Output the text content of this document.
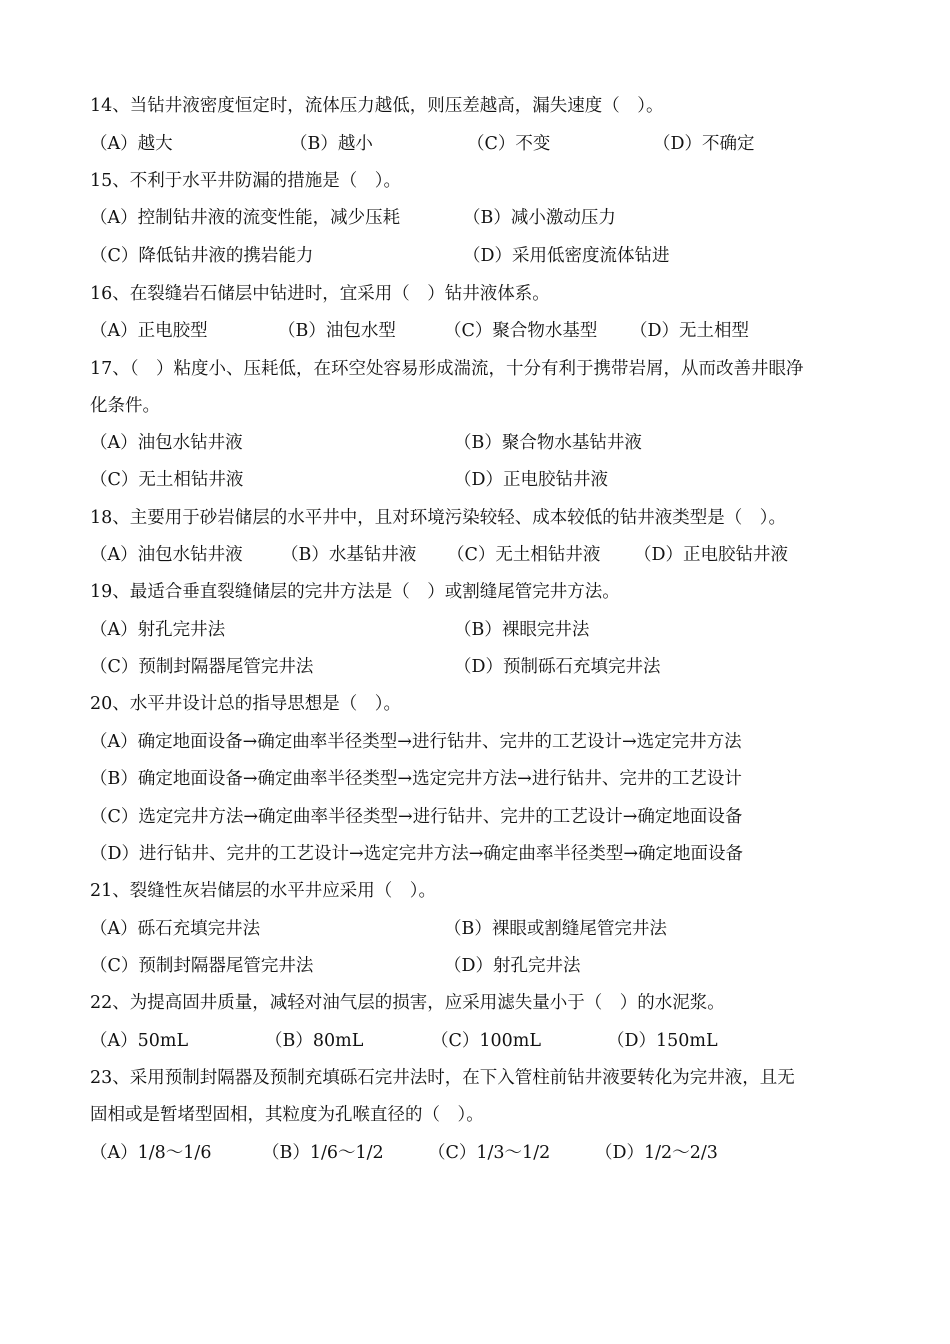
14、当钻井液密度恒定时，流体压力越低，则压差越高，漏失速度（　）。
（A）越大	（B）越小	（C）不变	（D）不确定
15、不利于水平井防漏的措施是（　）。
（A）控制钻井液的流变性能，减少压耗	（B）减小激动压力
（C）降低钻井液的携岩能力	（D）采用低密度流体钻进
16、在裂缝岩石储层中钻进时，宜采用（　）钻井液体系。
（A）正电胶型	（B）油包水型	（C）聚合物水基型 （D）无土相型
17、（　）粘度小、压耗低，在环空处容易形成湍流，十分有利于携带岩屑，从而改善井眼净
化条件。
（A）油包水钻井液	（B）聚合物水基钻井液
（C）无土相钻井液	（D）正电胶钻井液
18、主要用于砂岩储层的水平井中，且对环境污染较轻、成本较低的钻井液类型是（　）。
（A）油包水钻井液 （B）水基钻井液 （C）无土相钻井液 （D）正电胶钻井液
19、最适合垂直裂缝储层的完井方法是（　）或割缝尾管完井方法。
（A）射孔完井法	（B）裸眼完井法
（C）预制封隔器尾管完井法	（D）预制砾石充填完井法
20、水平井设计总的指导思想是（　）。
（A）确定地面设备→确定曲率半径类型→进行钻井、完井的工艺设计→选定完井方法
（B）确定地面设备→确定曲率半径类型→选定完井方法→进行钻井、完井的工艺设计
（C）选定完井方法→确定曲率半径类型→进行钻井、完井的工艺设计→确定地面设备
（D）进行钻井、完井的工艺设计→选定完井方法→确定曲率半径类型→确定地面设备
21、裂缝性灰岩储层的水平井应采用（　）。
（A）砾石充填完井法	（B）裸眼或割缝尾管完井法
（C）预制封隔器尾管完井法	（D）射孔完井法
22、为提高固井质量，减轻对油气层的损害，应采用滤失量小于（　）的水泥浆。
（A）50mL	（B）80mL	（C）100mL	（D）150mL
23、采用预制封隔器及预制充填砾石完井法时，在下入管柱前钻井液要转化为完井液，且无
固相或是暂堵型固相，其粒度为孔喉直径的（　）。
（A）1/8～1/6	（B）1/6～1/2	（C）1/3～1/2	（D）1/2～2/3
